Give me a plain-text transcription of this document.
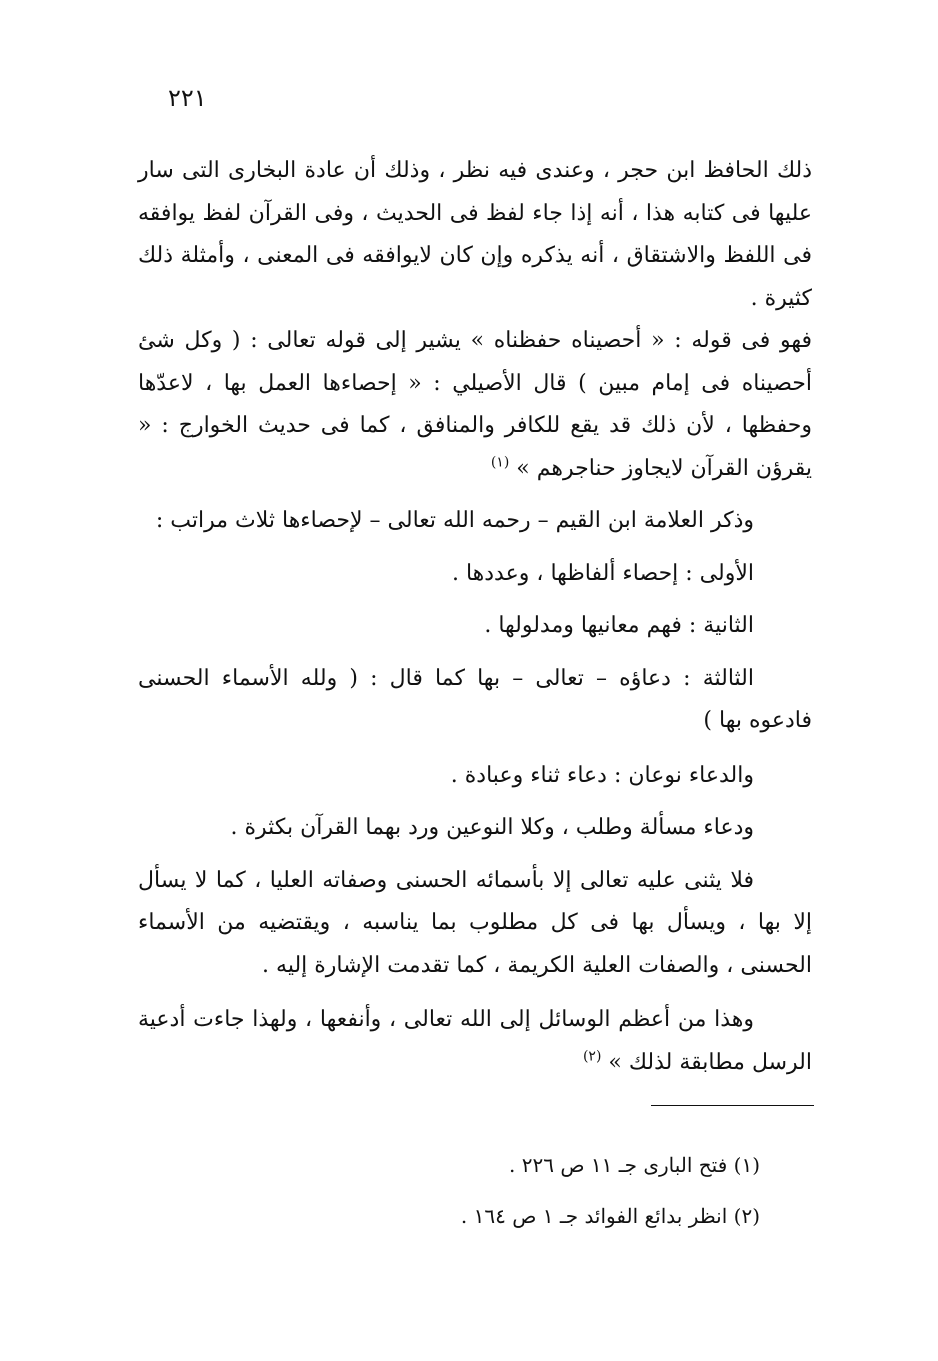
٢٢١

ذلك الحافظ ابن حجر ، وعندى فيه نظر ، وذلك أن عادة البخارى التى سار عليها فى كتابه هذا ، أنه إذا جاء لفظ فى الحديث ، وفى القرآن لفظ يوافقه فى اللفظ والاشتقاق ، أنه يذكره وإن كان لايوافقه فى المعنى ، وأمثلة ذلك كثيرة .

فهو فى قوله : « أحصيناه حفظناه » يشير إلى قوله تعالى : ( وكل شئ أحصيناه فى إمام مبين ) قال الأصيلي : « إحصاءها العمل بها ، لاعدّها وحفظها ، لأن ذلك قد يقع للكافر والمنافق ، كما فى حديث الخوارج : « يقرؤن القرآن لايجاوز حناجرهم » $^{(١)}$

وذكر العلامة ابن القيم – رحمه الله تعالى – لإحصاءها ثلاث مراتب :

الأولى : إحصاء ألفاظها ، وعددها .

الثانية : فهم معانيها ومدلولها .

الثالثة : دعاؤه – تعالى – بها كما قال : ( ولله الأسماء الحسنى فادعوه بها )

والدعاء نوعان : دعاء ثناء وعبادة .

ودعاء مسألة وطلب ، وكلا النوعين ورد بهما القرآن بكثرة .

فلا يثنى عليه تعالى إلا بأسمائه الحسنى وصفاته العليا ، كما لا يسأل إلا بها ، ويسأل بها فى كل مطلوب بما يناسبه ، ويقتضيه من الأسماء الحسنى ، والصفات العلية الكريمة ، كما تقدمت الإشارة إليه .

وهذا من أعظم الوسائل إلى الله تعالى ، وأنفعها ، ولهذا جاءت أدعية الرسل مطابقة لذلك » $^{(٢)}$

(١) فتح البارى جـ ١١ ص ٢٢٦ .

(٢) انظر بدائع الفوائد جـ ١ ص ١٦٤ .
